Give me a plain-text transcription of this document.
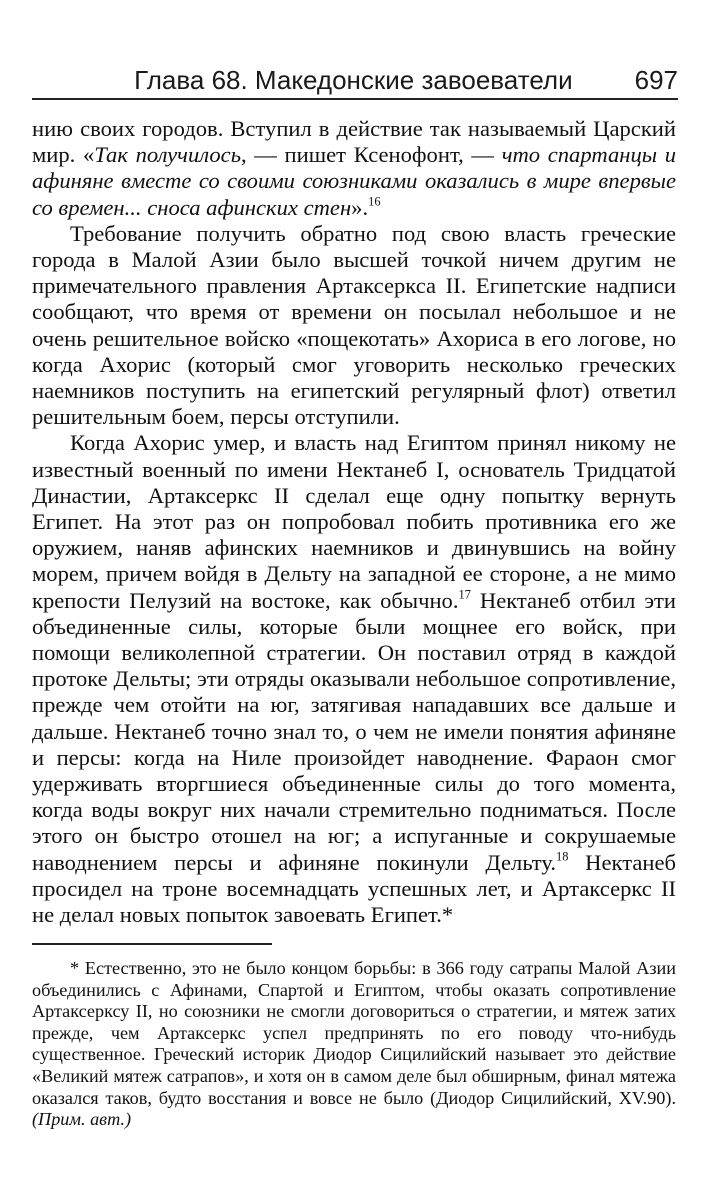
Глава 68. Македонские завоеватели 697

нию своих городов. Вступил в действие так называемый Царский мир. «Так получилось, — пишет Ксенофонт, — что спартанцы и афиняне вместе со своими союзниками оказались в мире впервые со времен... сноса афинских стен».$^{16}$

Требование получить обратно под свою власть греческие города в Малой Азии было высшей точкой ничем другим не примечательного правления Артаксеркса II. Египетские надписи сообщают, что время от времени он посылал небольшое и не очень решительное войско «пощекотать» Ахориса в его логове, но когда Ахорис (который смог уговорить несколько греческих наемников поступить на египетский регулярный флот) ответил решительным боем, персы отступили.

Когда Ахорис умер, и власть над Египтом принял никому не известный военный по имени Нектанеб I, основатель Тридцатой Династии, Артаксеркс II сделал еще одну попытку вернуть Египет. На этот раз он попробовал побить противника его же оружием, наняв афинских наемников и двинувшись на войну морем, причем войдя в Дельту на западной ее стороне, а не мимо крепости Пелузий на востоке, как обычно.$^{17}$ Нектанеб отбил эти объединенные силы, которые были мощнее его войск, при помощи великолепной стратегии. Он поставил отряд в каждой протоке Дельты; эти отряды оказывали небольшое сопротивление, прежде чем отойти на юг, затягивая нападавших все дальше и дальше. Нектанеб точно знал то, о чем не имели понятия афиняне и персы: когда на Ниле произойдет наводнение. Фараон смог удерживать вторгшиеся объединенные силы до того момента, когда воды вокруг них начали стремительно подниматься. После этого он быстро отошел на юг; а испуганные и сокрушаемые наводнением персы и афиняне покинули Дельту.$^{18}$ Нектанеб просидел на троне восемнадцать успешных лет, и Артаксеркс II не делал новых попыток завоевать Египет.*

* Естественно, это не было концом борьбы: в 366 году сатрапы Малой Азии объединились с Афинами, Спартой и Египтом, чтобы оказать сопротивление Артаксерксу II, но союзники не смогли договориться о стратегии, и мятеж затих прежде, чем Артаксеркс успел предпринять по его поводу что-нибудь существенное. Греческий историк Диодор Сицилийский называет это действие «Великий мятеж сатрапов», и хотя он в самом деле был обширным, финал мятежа оказался таков, будто восстания и вовсе не было (Диодор Сицилийский, XV.90). (Прим. авт.)
